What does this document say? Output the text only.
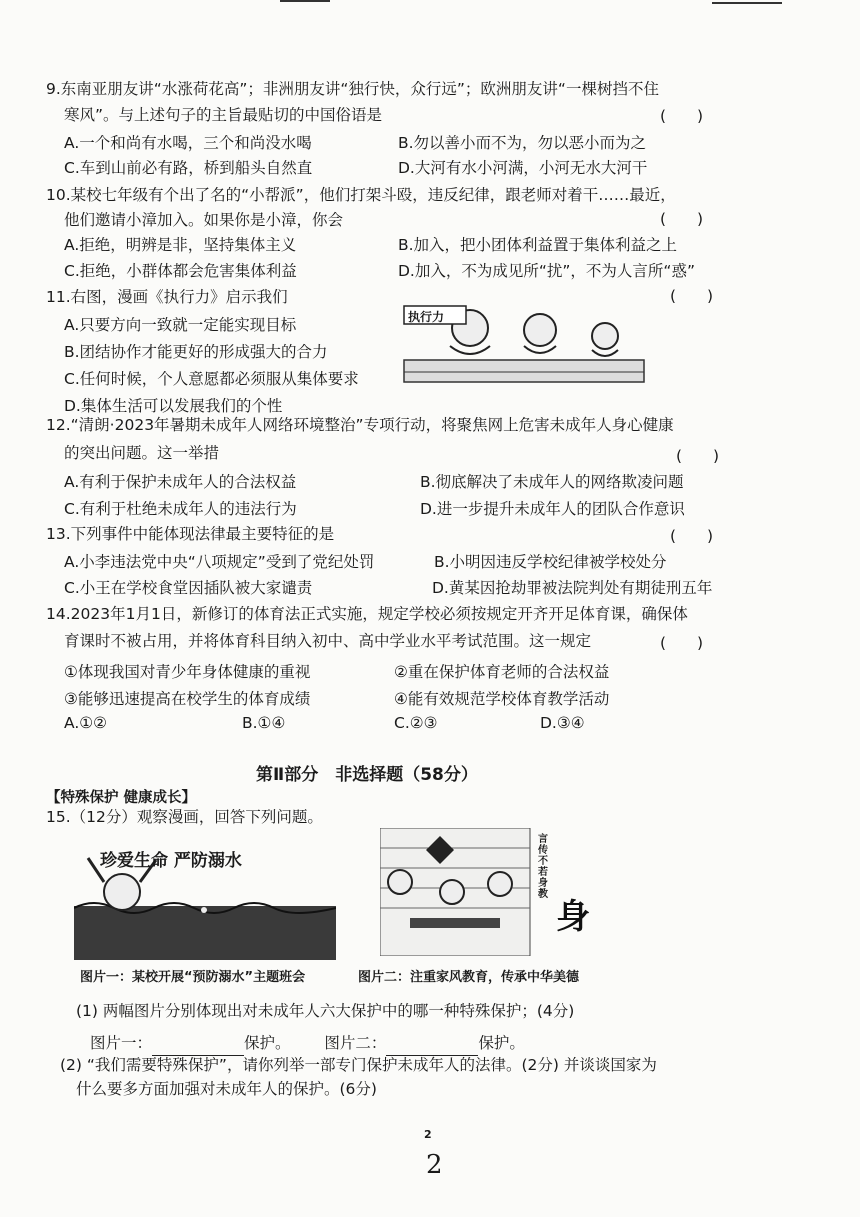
9.东南亚朋友讲“水涨荷花高”；非洲朋友讲“独行快，众行远”；欧洲朋友讲“一棵树挡不住
寒风”。与上述句子的主旨最贴切的中国俗语是	(　　)
A.一个和尚有水喝，三个和尚没水喝	B.勿以善小而不为，勿以恶小而为之
C.车到山前必有路，桥到船头自然直	D.大河有水小河满，小河无水大河干
10.某校七年级有个出了名的“小帮派”，他们打架斗殴，违反纪律，跟老师对着干……最近，
他们邀请小漳加入。如果你是小漳，你会	(　　)
A.拒绝，明辨是非，坚持集体主义	B.加入，把小团体利益置于集体利益之上
C.拒绝，小群体都会危害集体利益	D.加入，不为成见所“扰”，不为人言所“惑”
11.右图，漫画《执行力》启示我们	(　　)
A.只要方向一致就一定能实现目标
B.团结协作才能更好的形成强大的合力
C.任何时候，个人意愿都必须服从集体要求
D.集体生活可以发展我们的个性
执行力
12.“清朗·2023年暑期未成年人网络环境整治”专项行动，将聚焦网上危害未成年人身心健康
的突出问题。这一举措	(　　)
A.有利于保护未成年人的合法权益	B.彻底解决了未成年人的网络欺凌问题
C.有利于杜绝未成年人的违法行为	D.进一步提升未成年人的团队合作意识
13.下列事件中能体现法律最主要特征的是	(　　)
A.小李违法党中央“八项规定”受到了党纪处罚	B.小明因违反学校纪律被学校处分
C.小王在学校食堂因插队被大家谴责	D.黄某因抢劫罪被法院判处有期徒刑五年
14.2023年1月1日，新修订的体育法正式实施，规定学校必须按规定开齐开足体育课，确保体
育课时不被占用，并将体育科目纳入初中、高中学业水平考试范围。这一规定	(　　)
①体现我国对青少年身体健康的重视	②重在保护体育老师的合法权益
③能够迅速提高在校学生的体育成绩	④能有效规范学校体育教学活动
A.①②	B.①④	C.②③	D.③④
第Ⅱ部分　非选择题（58分）
【特殊保护 健康成长】
15.（12分）观察漫画，回答下列问题。
珍爱生命 严防溺水
身
言传不若身教
图片一：某校开展“预防溺水”主题班会	图片二：注重家风教育，传承中华美德
(1) 两幅图片分别体现出对未成年人六大保护中的哪一种特殊保护；(4分)
图片一：	保护。 图片二：	保护。
(2) “我们需要特殊保护”，请你列举一部专门保护未成年人的法律。(2分) 并谈谈国家为
什么要多方面加强对未成年人的保护。(6分)
2
2
